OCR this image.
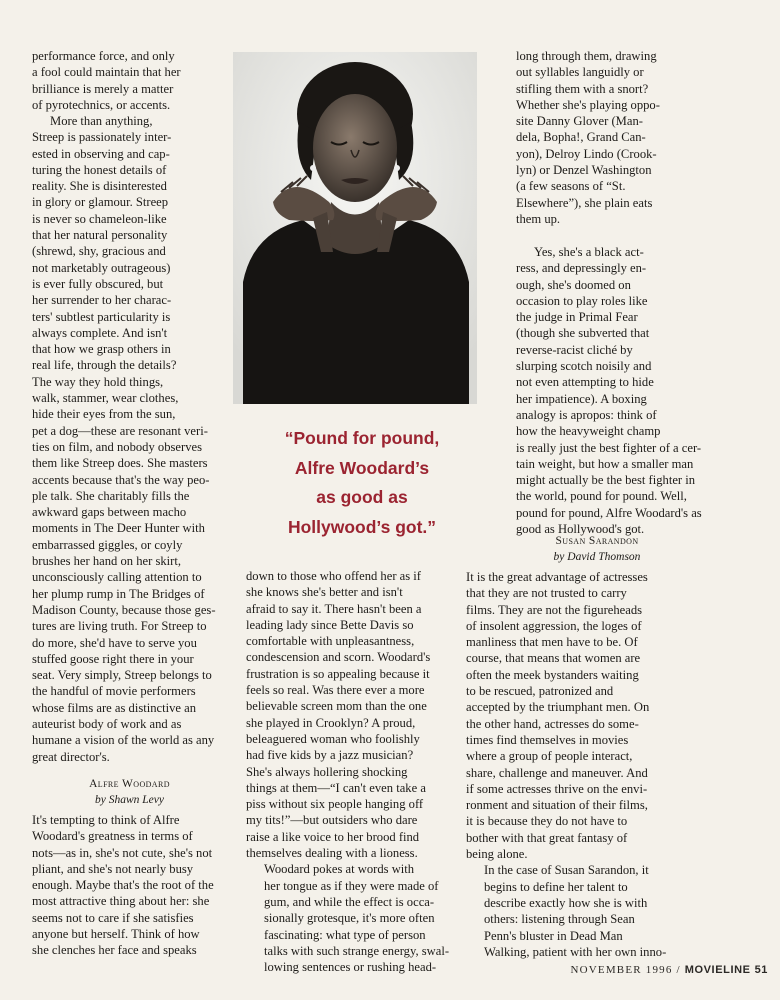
performance force, and only
a fool could maintain that her
brilliance is merely a matter
of pyrotechnics, or accents.

More than anything,
Streep is passionately inter-
ested in observing and cap-
turing the honest details of
reality. She is disinterested
in glory or glamour. Streep
is never so chameleon-like
that her natural personality
(shrewd, shy, gracious and
not marketably outrageous)
is ever fully obscured, but
her surrender to her charac-
ters' subtlest particularity is
always complete. And isn't
that how we grasp others in
real life, through the details?
The way they hold things,
walk, stammer, wear clothes,
hide their eyes from the sun,
pet a dog—these are resonant veri-
ties on film, and nobody observes
them like Streep does. She masters
accents because that's the way peo-
ple talk. She charitably fills the
awkward gaps between macho
moments in The Deer Hunter with
embarrassed giggles, or coyly
brushes her hand on her skirt,
unconsciously calling attention to
her plump rump in The Bridges of
Madison County, because those ges-
tures are living truth. For Streep to
do more, she'd have to serve you
stuffed goose right there in your
seat. Very simply, Streep belongs to
the handful of movie performers
whose films are as distinctive an
auteurist body of work and as
humane a vision of the world as any
great director's.

Alfre Woodard
by Shawn Levy

It's tempting to think of Alfre
Woodard's greatness in terms of
nots—as in, she's not cute, she's not
pliant, and she's not nearly busy
enough. Maybe that's the root of the
most attractive thing about her: she
seems not to care if she satisfies
anyone but herself. Think of how
she clenches her face and speaks

“Pound for pound,
Alfre Woodard’s
as good as
Hollywood’s got.”

down to those who offend her as if
she knows she's better and isn't
afraid to say it. There hasn't been a
leading lady since Bette Davis so
comfortable with unpleasantness,
condescension and scorn. Woodard's
frustration is so appealing because it
feels so real. Was there ever a more
believable screen mom than the one
she played in Crooklyn? A proud,
beleaguered woman who foolishly
had five kids by a jazz musician?
She's always hollering shocking
things at them—“I can't even take a
piss without six people hanging off
my tits!”—but outsiders who dare
raise a like voice to her brood find
themselves dealing with a lioness.

Woodard pokes at words with
her tongue as if they were made of
gum, and while the effect is occa-
sionally grotesque, it's more often
fascinating: what type of person
talks with such strange energy, swal-
lowing sentences or rushing head-

long through them, drawing
out syllables languidly or
stifling them with a snort?
Whether she's playing oppo-
site Danny Glover (Man-
dela, Bopha!, Grand Can-
yon), Delroy Lindo (Crook-
lyn) or Denzel Washington
(a few seasons of “St.
Elsewhere”), she plain eats
them up.

Yes, she's a black act-
ress, and depressingly en-
ough, she's doomed on
occasion to play roles like
the judge in Primal Fear
(though she subverted that
reverse-racist cliché by
slurping scotch noisily and
not even attempting to hide
her impatience). A boxing
analogy is apropos: think of
how the heavyweight champ
is really just the best fighter of a cer-
tain weight, but how a smaller man
might actually be the best fighter in
the world, pound for pound. Well,
pound for pound, Alfre Woodard's as
good as Hollywood's got.

Susan Sarandon
by David Thomson

It is the great advantage of actresses
that they are not trusted to carry
films. They are not the figureheads
of insolent aggression, the loges of
manliness that men have to be. Of
course, that means that women are
often the meek bystanders waiting
to be rescued, patronized and
accepted by the triumphant men. On
the other hand, actresses do some-
times find themselves in movies
where a group of people interact,
share, challenge and maneuver. And
if some actresses thrive on the envi-
ronment and situation of their films,
it is because they do not have to
bother with that great fantasy of
being alone.

In the case of Susan Sarandon, it
begins to define her talent to
describe exactly how she is with
others: listening through Sean
Penn's bluster in Dead Man
Walking, patient with her own inno-

NOVEMBER 1996 / MOVIELINE 51
